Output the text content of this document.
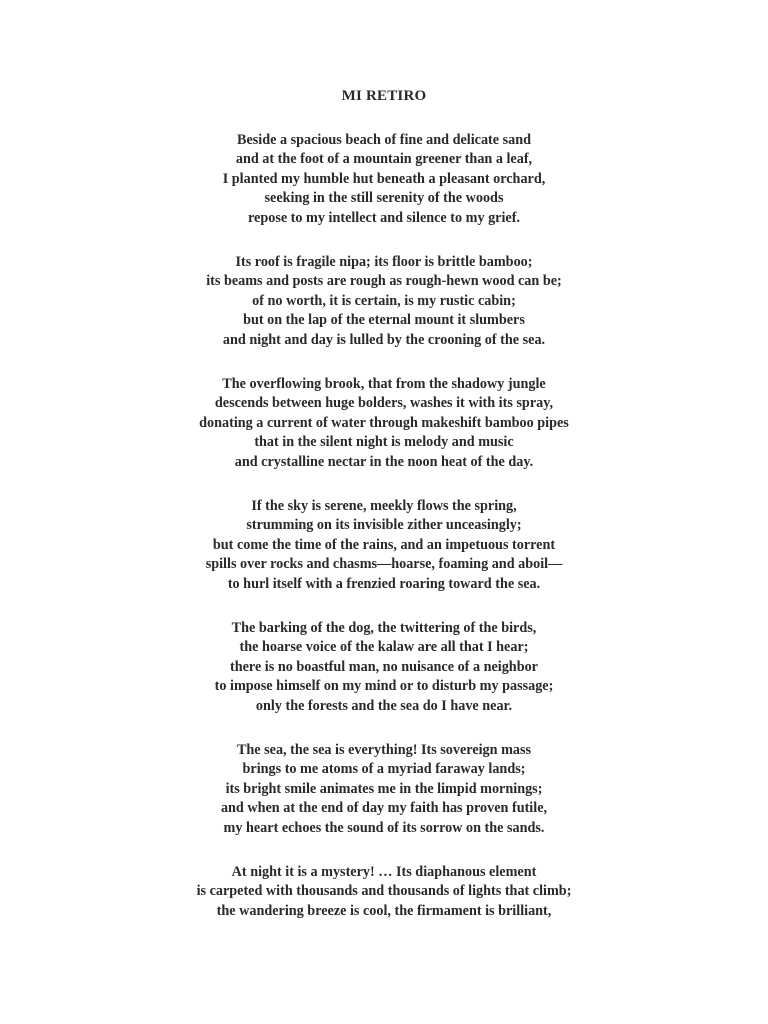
MI RETIRO
Beside a spacious beach of fine and delicate sand
and at the foot of a mountain greener than a leaf,
I planted my humble hut beneath a pleasant orchard,
seeking in the still serenity of the woods
repose to my intellect and silence to my grief.
Its roof is fragile nipa; its floor is brittle bamboo;
its beams and posts are rough as rough-hewn wood can be;
of no worth, it is certain, is my rustic cabin;
but on the lap of the eternal mount it slumbers
and night and day is lulled by the crooning of the sea.
The overflowing brook, that from the shadowy jungle
descends between huge bolders, washes it with its spray,
donating a current of water through makeshift bamboo pipes
that in the silent night is melody and music
and crystalline nectar in the noon heat of the day.
If the sky is serene, meekly flows the spring,
strumming on its invisible zither unceasingly;
but come the time of the rains, and an impetuous torrent
spills over rocks and chasms—hoarse, foaming and aboil—
to hurl itself with a frenzied roaring toward the sea.
The barking of the dog, the twittering of the birds,
the hoarse voice of the kalaw are all that I hear;
there is no boastful man, no nuisance of a neighbor
to impose himself on my mind or to disturb my passage;
only the forests and the sea do I have near.
The sea, the sea is everything! Its sovereign mass
brings to me atoms of a myriad faraway lands;
its bright smile animates me in the limpid mornings;
and when at the end of day my faith has proven futile,
my heart echoes the sound of its sorrow on the sands.
At night it is a mystery! … Its diaphanous element
is carpeted with thousands and thousands of lights that climb;
the wandering breeze is cool, the firmament is brilliant,
